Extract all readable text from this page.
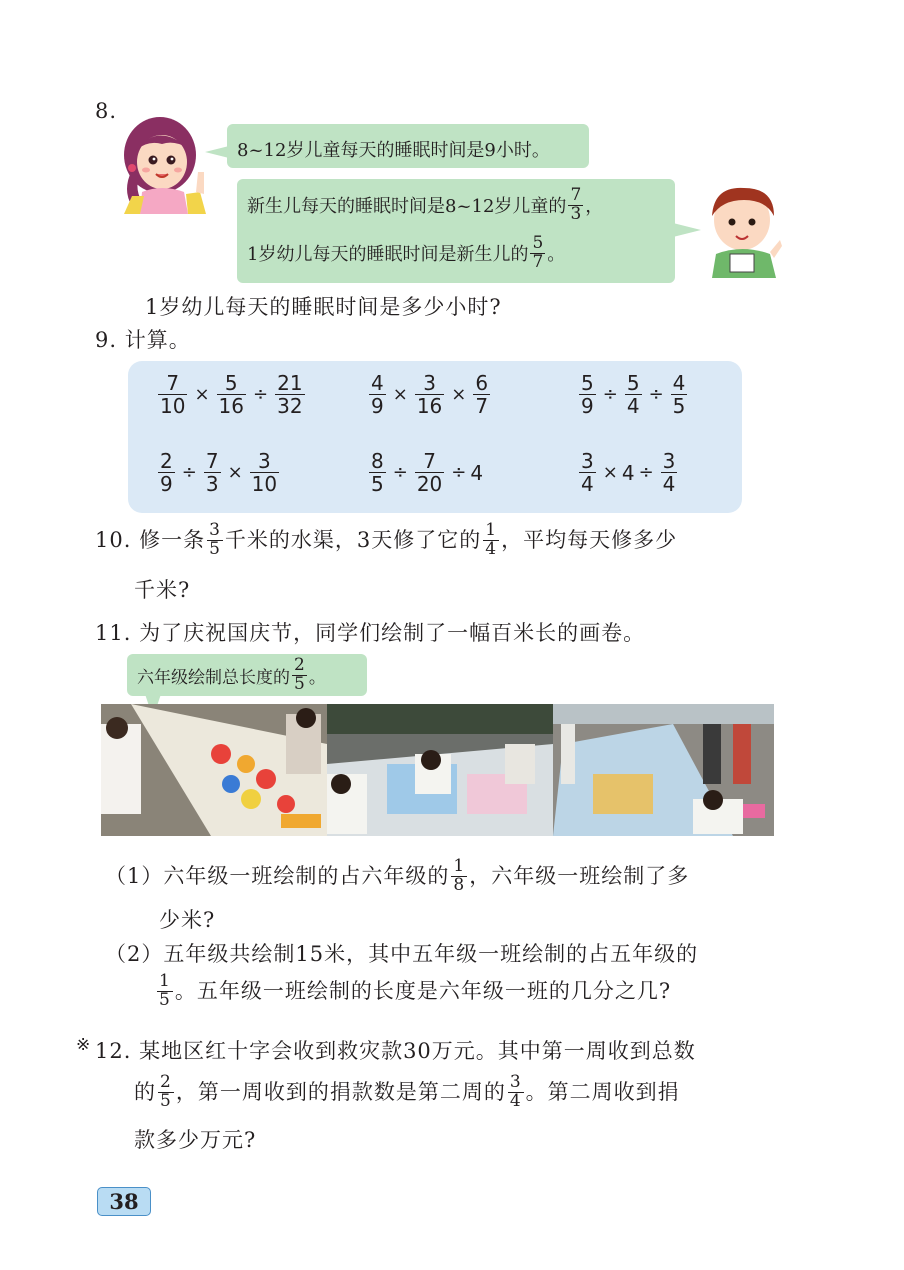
8.
8~12岁儿童每天的睡眠时间是9小时。
新生儿每天的睡眠时间是8~12岁儿童的 $\frac{7}{3}$ ，
1岁幼儿每天的睡眠时间是新生儿的 $\frac{5}{7}$ 。
1岁幼儿每天的睡眠时间是多少小时?
9. 计算。
$\frac{7}{10} \times \frac{5}{16} \div \frac{21}{32}$	$\frac{4}{9} \times \frac{3}{16} \times \frac{6}{7}$	$\frac{5}{9} \div \frac{5}{4} \div \frac{4}{5}$
$\frac{2}{9} \div \frac{7}{3} \times \frac{3}{10}$	$\frac{8}{5} \div \frac{7}{20} \div 4$	$\frac{3}{4} \times 4 \div \frac{3}{4}$
10. 修一条 $\frac{3}{5}$ 千米的水渠，3天修了它的 $\frac{1}{4}$ ，平均每天修多少
千米?
11. 为了庆祝国庆节，同学们绘制了一幅百米长的画卷。
六年级绘制总长度的 $\frac{2}{5}$ 。
（1）六年级一班绘制的占六年级的 $\frac{1}{8}$ ，六年级一班绘制了多
少米?
（2）五年级共绘制15米，其中五年级一班绘制的占五年级的
$\frac{1}{5}$ 。五年级一班绘制的长度是六年级一班的几分之几?
※ 12. 某地区红十字会收到救灾款30万元。其中第一周收到总数
的 $\frac{2}{5}$ ，第一周收到的捐款数是第二周的 $\frac{3}{4}$ 。第二周收到捐
款多少万元?
38
